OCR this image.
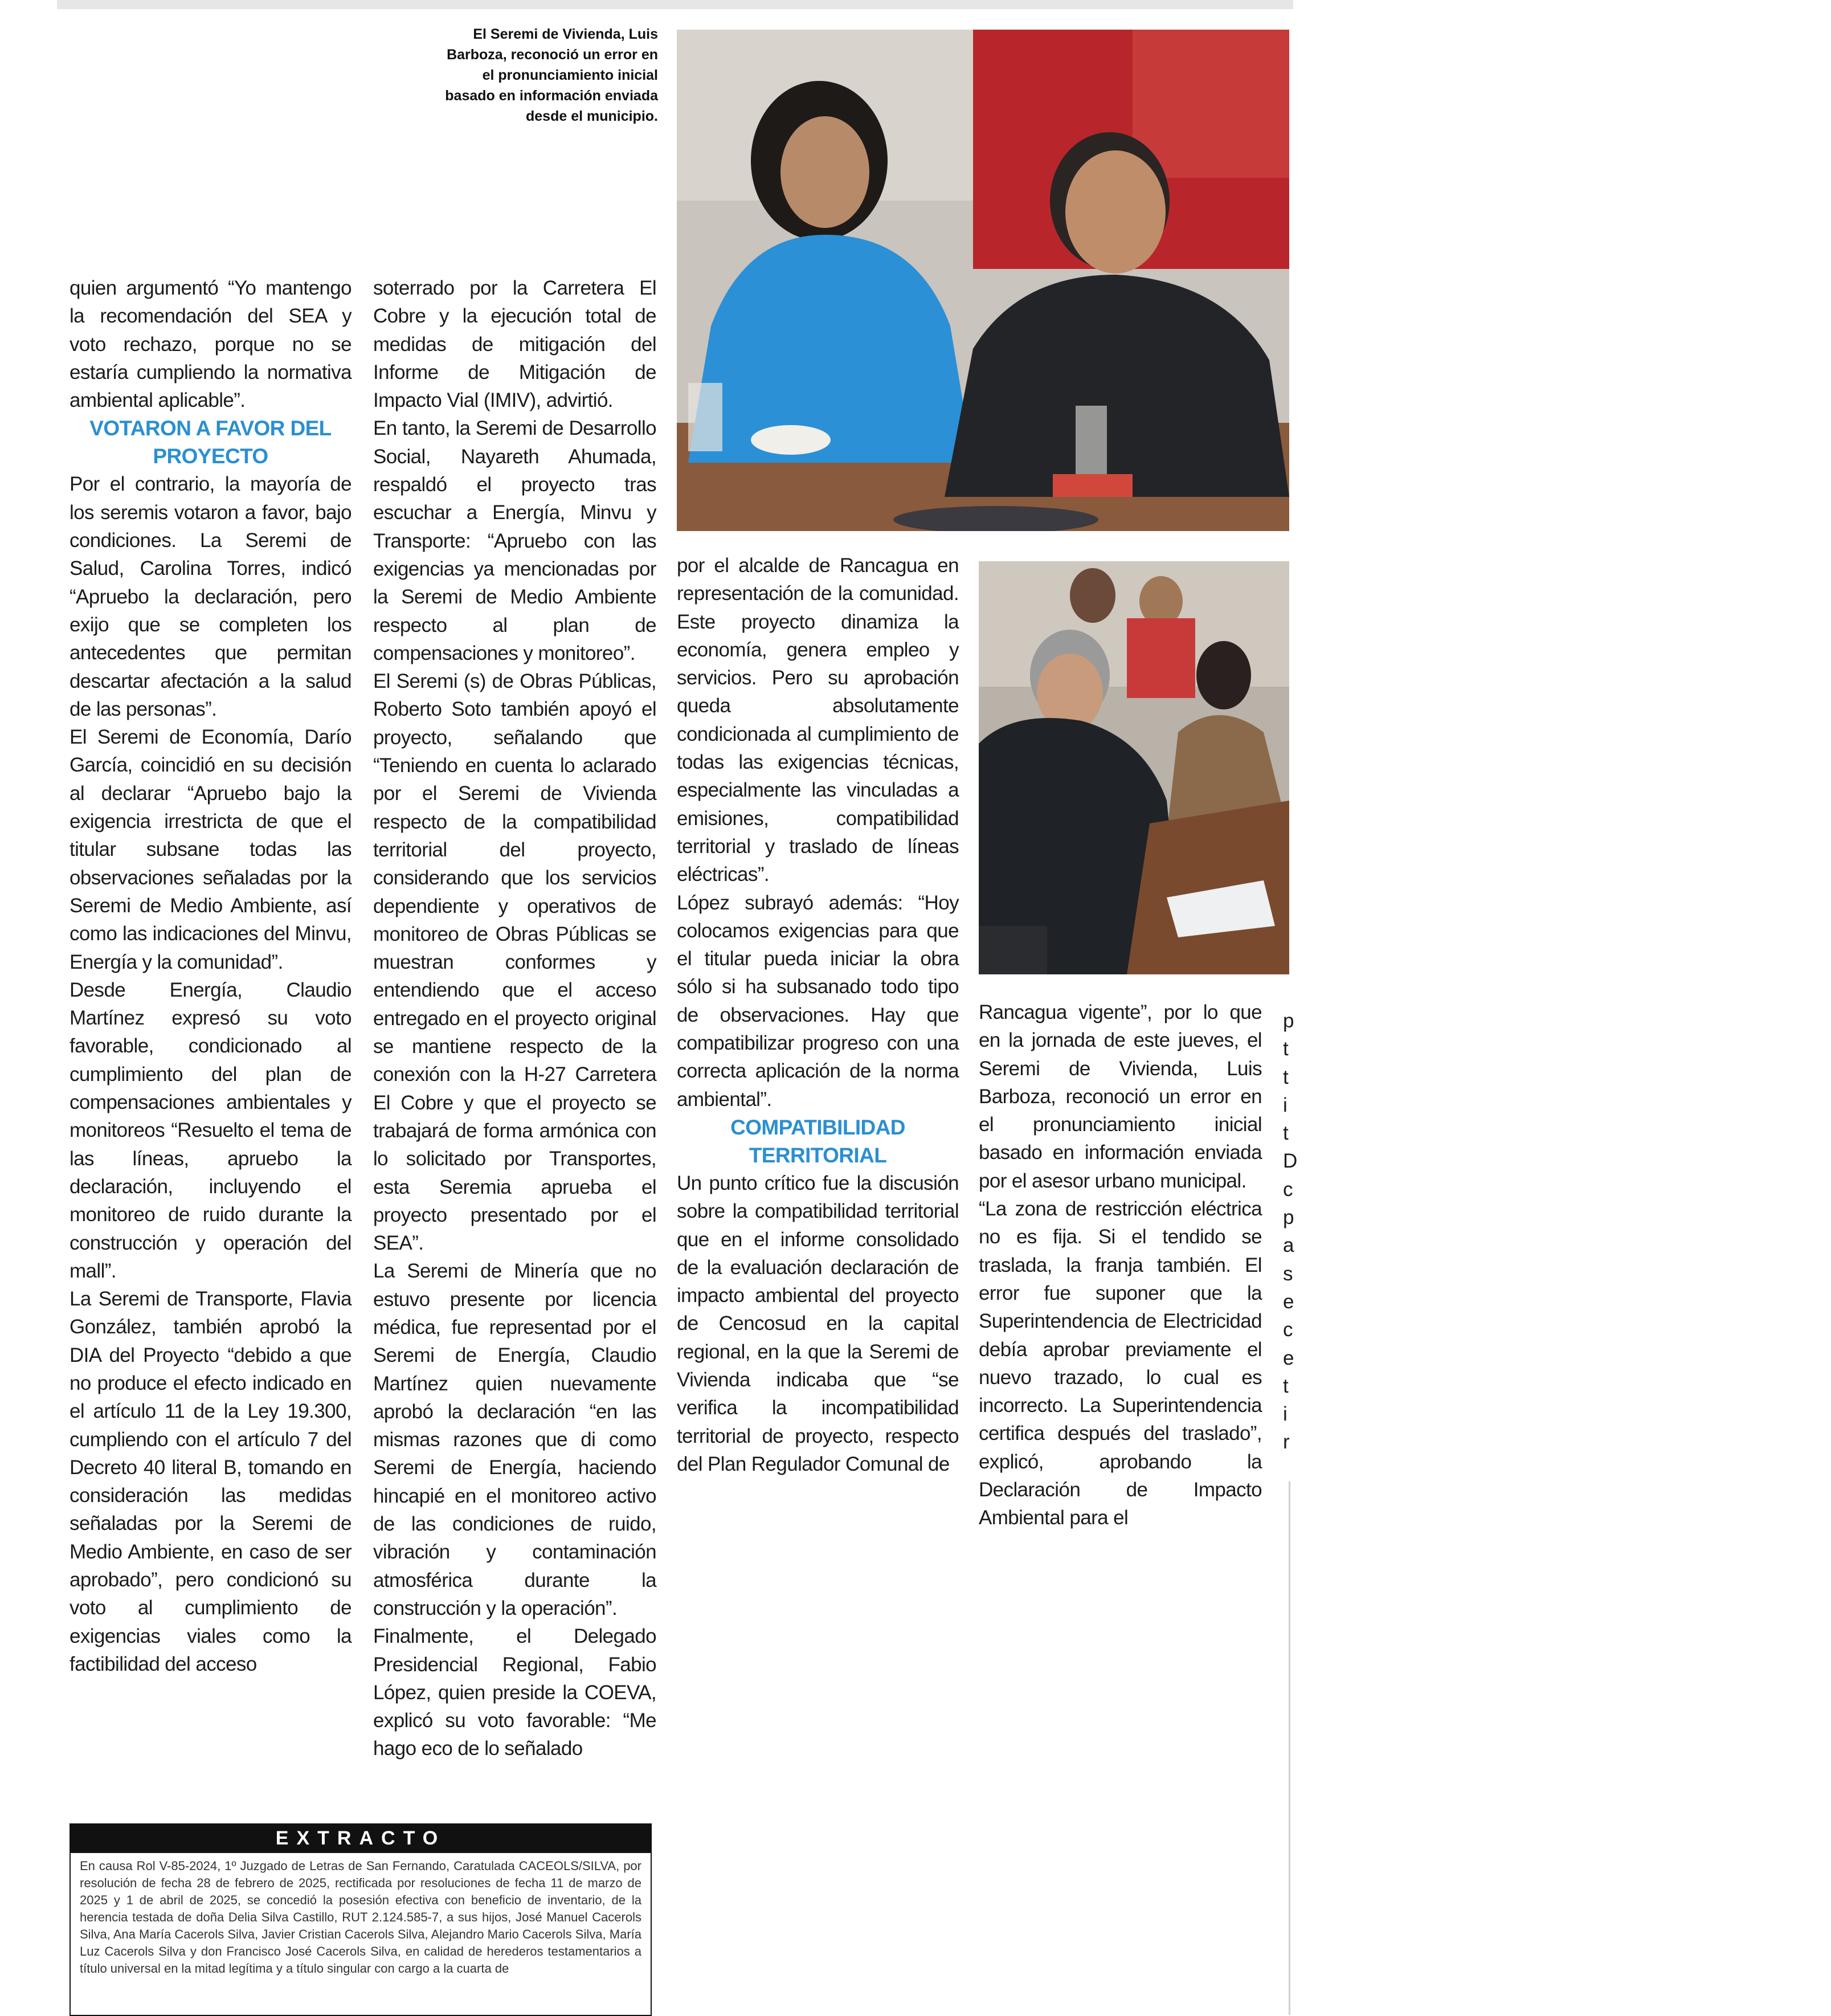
El Seremi de Vivienda, Luis Barboza, reconoció un error en el pronunciamiento inicial basado en información enviada desde el municipio.

quien argumentó “Yo mantengo la recomendación del SEA y voto rechazo, porque no se estaría cumpliendo la normativa ambiental aplicable”.

VOTARON A FAVOR DEL PROYECTO

Por el contrario, la mayoría de los seremis votaron a favor, bajo condiciones. La Seremi de Salud, Carolina Torres, indicó “Apruebo la declaración, pero exijo que se completen los antecedentes que permitan descartar afectación a la salud de las personas”.

El Seremi de Economía, Darío García, coincidió en su decisión al declarar “Apruebo bajo la exigencia irrestricta de que el titular subsane todas las observaciones señaladas por la Seremi de Medio Ambiente, así como las indicaciones del Minvu, Energía y la comunidad”.

Desde Energía, Claudio Martínez expresó su voto favorable, condicionado al cumplimiento del plan de compensaciones ambientales y monitoreos “Resuelto el tema de las líneas, apruebo la declaración, incluyendo el monitoreo de ruido durante la construcción y operación del mall”.

La Seremi de Transporte, Flavia González, también aprobó la DIA del Proyecto “debido a que no produce el efecto indicado en el artículo 11 de la Ley 19.300, cumpliendo con el artículo 7 del Decreto 40 literal B, tomando en consideración las medidas señaladas por la Seremi de Medio Ambiente, en caso de ser aprobado”, pero condicionó su voto al cumplimiento de exigencias viales como la factibilidad del acceso

soterrado por la Carretera El Cobre y la ejecución total de medidas de mitigación del Informe de Mitigación de Impacto Vial (IMIV), advirtió.

En tanto, la Seremi de Desarrollo Social, Nayareth Ahumada, respaldó el proyecto tras escuchar a Energía, Minvu y Transporte: “Apruebo con las exigencias ya mencionadas por la Seremi de Medio Ambiente respecto al plan de compensaciones y monitoreo”.

El Seremi (s) de Obras Públicas, Roberto Soto también apoyó el proyecto, señalando que “Teniendo en cuenta lo aclarado por el Seremi de Vivienda respecto de la compatibilidad territorial del proyecto, considerando que los servicios dependiente y operativos de monitoreo de Obras Públicas se muestran conformes y entendiendo que el acceso entregado en el proyecto original se mantiene respecto de la conexión con la H-27 Carretera El Cobre y que el proyecto se trabajará de forma armónica con lo solicitado por Transportes, esta Seremia aprueba el proyecto presentado por el SEA”.

La Seremi de Minería que no estuvo presente por licencia médica, fue representad por el Seremi de Energía, Claudio Martínez quien nuevamente aprobó la declaración “en las mismas razones que di como Seremi de Energía, haciendo hincapié en el monitoreo activo de las condiciones de ruido, vibración y contaminación atmosférica durante la construcción y la operación”.

Finalmente, el Delegado Presidencial Regional, Fabio López, quien preside la COEVA, explicó su voto favorable: “Me hago eco de lo señalado

por el alcalde de Rancagua en representación de la comunidad. Este proyecto dinamiza la economía, genera empleo y servicios. Pero su aprobación queda absolutamente condicionada al cumplimiento de todas las exigencias técnicas, especialmente las vinculadas a emisiones, compatibilidad territorial y traslado de líneas eléctricas”.

López subrayó además: “Hoy colocamos exigencias para que el titular pueda iniciar la obra sólo si ha subsanado todo tipo de observaciones. Hay que compatibilizar progreso con una correcta aplicación de la norma ambiental”.

COMPATIBILIDAD TERRITORIAL

Un punto crítico fue la discusión sobre la compatibilidad territorial que en el informe consolidado de la evaluación declaración de impacto ambiental del proyecto de Cencosud en la capital regional, en la que la Seremi de Vivienda indicaba que “se verifica la incompatibilidad territorial de proyecto, respecto del Plan Regulador Comunal de

Rancagua vigente”, por lo que en la jornada de este jueves, el Seremi de Vivienda, Luis Barboza, reconoció un error en el pronunciamiento inicial basado en información enviada por el asesor urbano municipal.

“La zona de restricción eléctrica no es fija. Si el tendido se traslada, la franja también. El error fue suponer que la Superintendencia de Electricidad debía aprobar previamente el nuevo trazado, lo cual es incorrecto. La Superintendencia certifica después del traslado”, explicó, aprobando la Declaración de Impacto Ambiental para el

p
t
t
i
t
D
c
p
a
s
e
c
e
t
i
r
EXTRACTO
En causa Rol V-85-2024, 1º Juzgado de Letras de San Fernando, Caratulada CACEOLS/SILVA, por resolución de fecha 28 de febrero de 2025, rectificada por resoluciones de fecha 11 de marzo de 2025 y 1 de abril de 2025, se concedió la posesión efectiva con beneficio de inventario, de la herencia testada de doña Delia Silva Castillo, RUT 2.124.585-7, a sus hijos, José Manuel Cacerols Silva, Ana María Cacerols Silva, Javier Cristian Cacerols Silva, Alejandro Mario Cacerols Silva, María Luz Cacerols Silva y don Francisco José Cacerols Silva, en calidad de herederos testamentarios a título universal en la mitad legítima y a título singular con cargo a la cuarta de
